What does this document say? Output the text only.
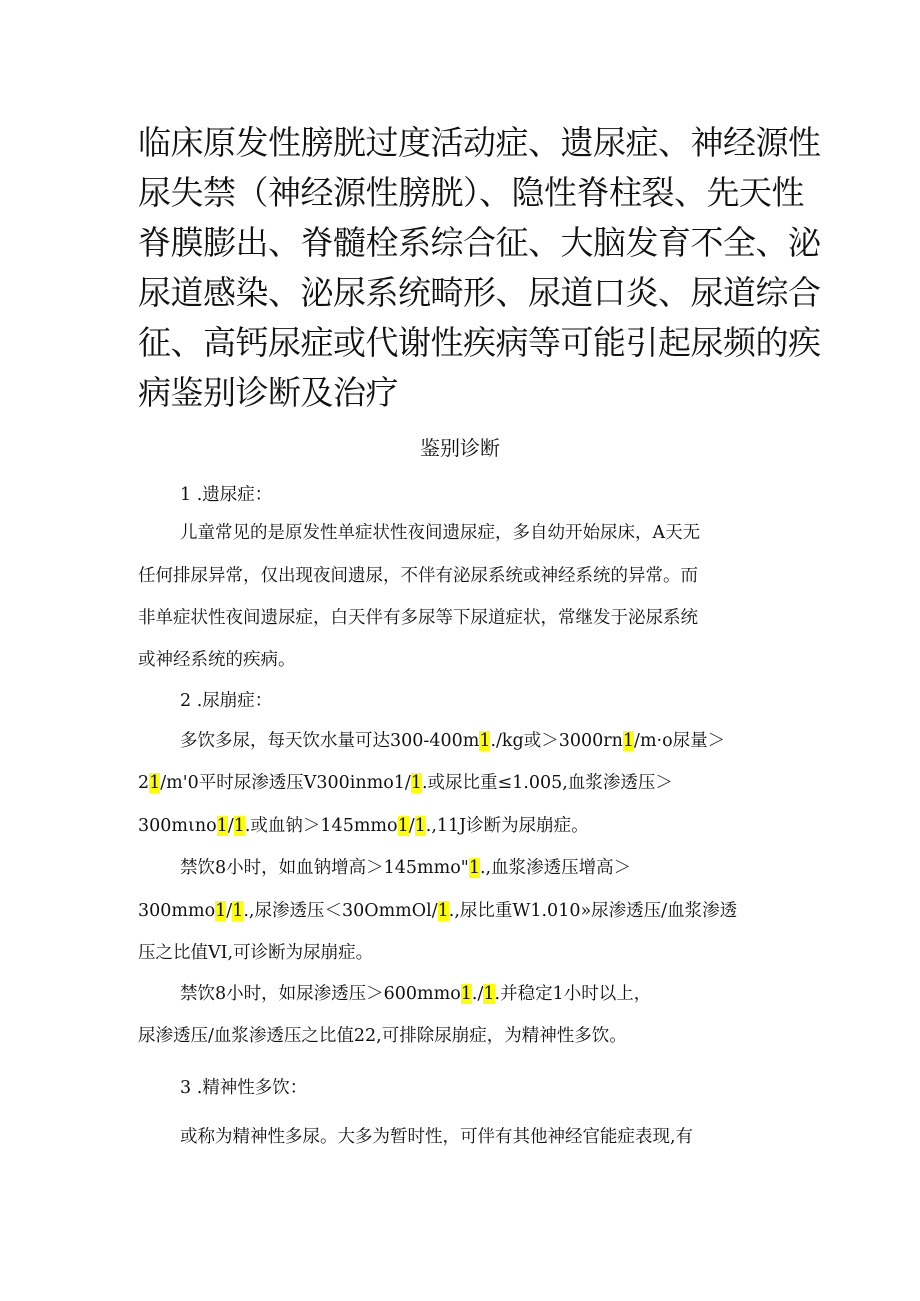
临床原发性膀胱过度活动症、遗尿症、神经源性
尿失禁（神经源性膀胱）、隐性脊柱裂、先天性
脊膜膨出、脊髓栓系综合征、大脑发育不全、泌
尿道感染、泌尿系统畸形、尿道口炎、尿道综合
征、高钙尿症或代谢性疾病等可能引起尿频的疾
病鉴别诊断及治疗
鉴别诊断
1 .遗尿症：
儿童常见的是原发性单症状性夜间遗尿症，多自幼开始尿床，A天无
任何排尿异常，仅出现夜间遗尿，不伴有泌尿系统或神经系统的异常。而
非单症状性夜间遗尿症，白天伴有多尿等下尿道症状，常继发于泌尿系统
或神经系统的疾病。
2 .尿崩症：
多饮多尿，每天饮水量可达300-400m1./kg或＞3000rn1/m·o尿量＞
21/m'0平时尿渗透压V300inmo1/1.或尿比重≤1.005,血浆渗透压＞
300mιno1/1.或血钠＞145mmo1/1.,11J诊断为尿崩症。
禁饮8小时，如血钠增高＞145mmo"1.,血浆渗透压增高＞
300mmo1/1.,尿渗透压＜30OmmOl/1.,尿比重W1.010»尿渗透压/血浆渗透
压之比值VI,可诊断为尿崩症。
禁饮8小时，如尿渗透压＞600mmo1./1.并稳定1小时以上，
尿渗透压/血浆渗透压之比值22,可排除尿崩症，为精神性多饮。
3 .精神性多饮：
或称为精神性多尿。大多为暂时性，可伴有其他神经官能症表现,有
